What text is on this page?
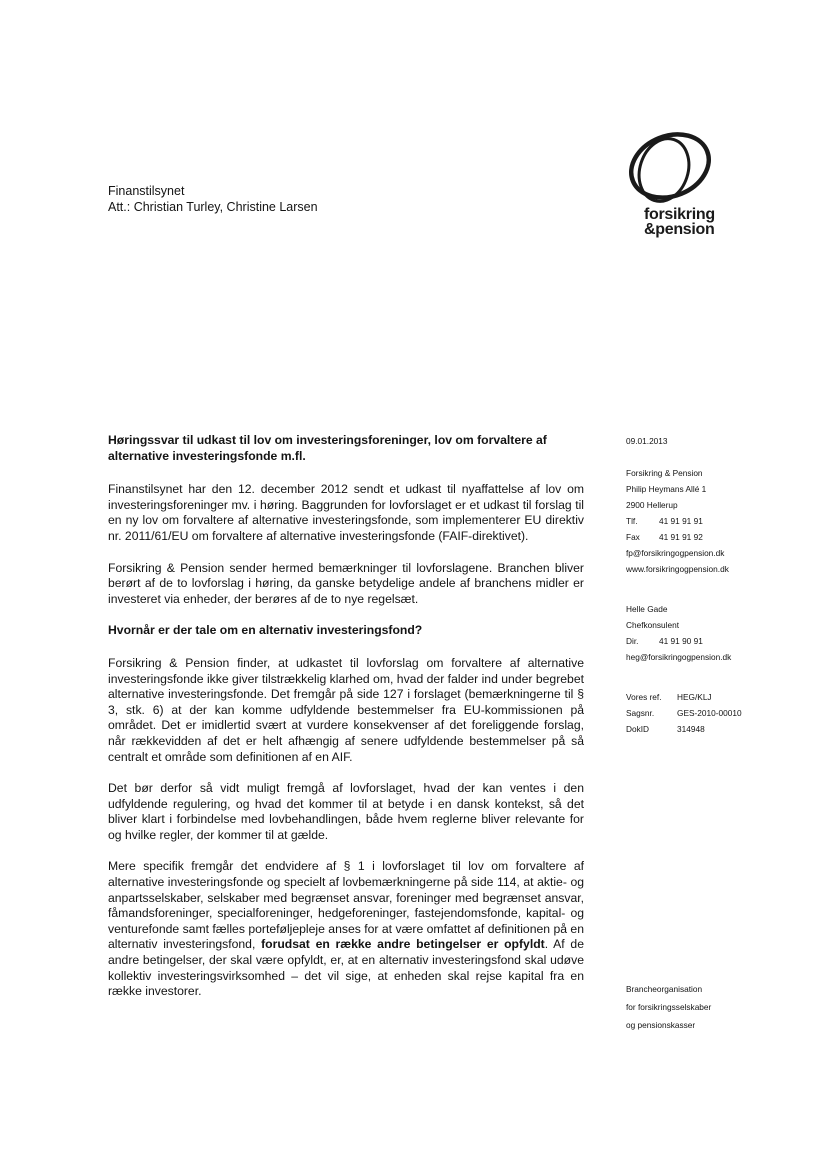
Finanstilsynet
Att.: Christian Turley, Christine Larsen	forsikring
&pension
Høringssvar til udkast til lov om investeringsforeninger, lov om forvaltere af alternative investeringsfonde m.fl.

Finanstilsynet har den 12. december 2012 sendt et udkast til nyaffattelse af lov om investeringsforeninger mv. i høring. Baggrunden for lovforslaget er et udkast til forslag til en ny lov om forvaltere af alternative investeringsfonde, som implementerer EU direktiv nr. 2011/61/EU om forvaltere af alternative investeringsfonde (FAIF-direktivet).

Forsikring & Pension sender hermed bemærkninger til lovforslagene. Branchen bliver berørt af de to lovforslag i høring, da ganske betydelige andele af branchens midler er investeret via enheder, der berøres af de to nye regelsæt.

Hvornår er der tale om en alternativ investeringsfond?

Forsikring & Pension finder, at udkastet til lovforslag om forvaltere af alternative investeringsfonde ikke giver tilstrækkelig klarhed om, hvad der falder ind under begrebet alternative investeringsfonde. Det fremgår på side 127 i forslaget (bemærkningerne til § 3, stk. 6) at der kan komme udfyldende bestemmelser fra EU-kommissionen på området. Det er imidlertid svært at vurdere konsekvenser af det foreliggende forslag, når rækkevidden af det er helt afhængig af senere udfyldende bestemmelser på så centralt et område som definitionen af en AIF.

Det bør derfor så vidt muligt fremgå af lovforslaget, hvad der kan ventes i den udfyldende regulering, og hvad det kommer til at betyde i en dansk kontekst, så det bliver klart i forbindelse med lovbehandlingen, både hvem reglerne bliver relevante for og hvilke regler, der kommer til at gælde.

Mere specifik fremgår det endvidere af § 1 i lovforslaget til lov om forvaltere af alternative investeringsfonde og specielt af lovbemærkningerne på side 114, at aktie- og anpartsselskaber, selskaber med begrænset ansvar, foreninger med begrænset ansvar, fåmandsforeninger, specialforeninger, hedgeforeninger, fastejendomsfonde, kapital- og venturefonde samt fælles porteføljepleje anses for at være omfattet af definitionen på en alternativ investeringsfond, forudsat en række andre betingelser er opfyldt. Af de andre betingelser, der skal være opfyldt, er, at en alternativ investeringsfond skal udøve kollektiv investeringsvirksomhed – det vil sige, at enheden skal rejse kapital fra en række investorer.

09.01.2013
Forsikring & Pension
Philip Heymans Allé 1
2900 Hellerup
Tlf.	41 91 91 91
Fax 41 91 91 92
fp@forsikringogpension.dk
www.forsikringogpension.dk
Helle Gade
Chefkonsulent
Dir. 41 91 90 91
heg@forsikringogpension.dk
Vores ref. HEG/KLJ
Sagsnr.	GES-2010-00010
DokID	314948
Brancheorganisation
for forsikringsselskaber
og pensionskasser
